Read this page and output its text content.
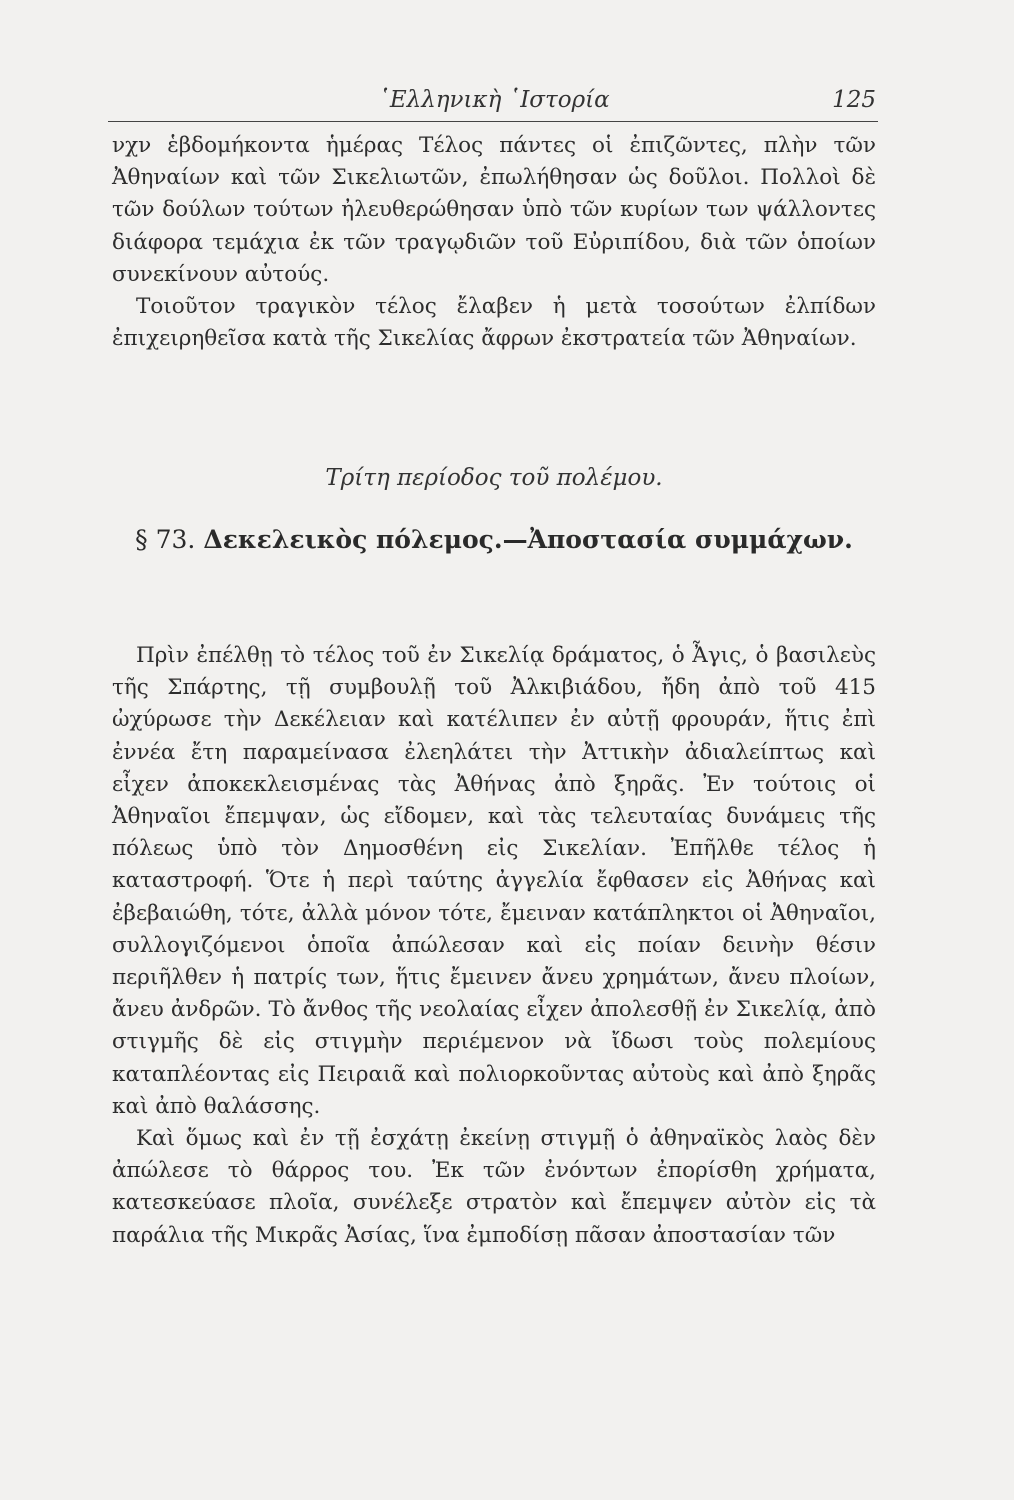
῾Ελληνικὴ ῾Ιστορία	125

νχν ἑβδομήκοντα ἡμέρας Τέλος πάντες οἱ ἐπιζῶντες, πλὴν τῶν Ἀθηναίων καὶ τῶν Σικελιωτῶν, ἐπωλήθησαν ὡς δοῦλοι. Πολλοὶ δὲ τῶν δούλων τούτων ἠλευθερώθησαν ὑπὸ τῶν κυρίων των ψάλλοντες διάφορα τεμάχια ἐκ τῶν τραγῳδιῶν τοῦ Εὐριπίδου, διὰ τῶν ὁποίων συνεκίνουν αὐτούς.

Τοιοῦτον τραγικὸν τέλος ἔλαβεν ἡ μετὰ τοσούτων ἐλπίδων ἐπιχειρηθεῖσα κατὰ τῆς Σικελίας ἄφρων ἐκστρατεία τῶν Ἀθηναίων.

Τρίτη περίοδος τοῦ πολέμου.
§ 73. Δεκελεικὸς πόλεμος.—Ἀποστασία συμμάχων.

Πρὶν ἐπέλθῃ τὸ τέλος τοῦ ἐν Σικελίᾳ δράματος, ὁ Ἆγις, ὁ βασιλεὺς τῆς Σπάρτης, τῇ συμβουλῇ τοῦ Ἀλκιβιάδου, ἤδη ἀπὸ τοῦ 415 ὠχύρωσε τὴν Δεκέλειαν καὶ κατέλιπεν ἐν αὐτῇ φρουράν, ἥτις ἐπὶ ἐννέα ἔτη παραμείνασα ἐλεηλάτει τὴν Ἀττικὴν ἀδιαλείπτως καὶ εἶχεν ἀποκεκλεισμένας τὰς Ἀθήνας ἀπὸ ξηρᾶς. Ἐν τούτοις οἱ Ἀθηναῖοι ἔπεμψαν, ὡς εἴδομεν, καὶ τὰς τελευταίας δυνάμεις τῆς πόλεως ὑπὸ τὸν Δημοσθένη εἰς Σικελίαν. Ἐπῆλθε τέλος ἡ καταστροφή. Ὅτε ἡ περὶ ταύτης ἀγγελία ἔφθασεν εἰς Ἀθήνας καὶ ἐβεβαιώθη, τότε, ἀλλὰ μόνον τότε, ἔμειναν κατάπληκτοι οἱ Ἀθηναῖοι, συλλογιζόμενοι ὁποῖα ἀπώλεσαν καὶ εἰς ποίαν δεινὴν θέσιν περιῆλθεν ἡ πατρίς των, ἥτις ἔμεινεν ἄνευ χρημάτων, ἄνευ πλοίων, ἄνευ ἀνδρῶν. Τὸ ἄνθος τῆς νεολαίας εἶχεν ἀπολεσθῇ ἐν Σικελίᾳ, ἀπὸ στιγμῆς δὲ εἰς στιγμὴν περιέμενον νὰ ἴδωσι τοὺς πολεμίους καταπλέοντας εἰς Πειραιᾶ καὶ πολιορκοῦντας αὐτοὺς καὶ ἀπὸ ξηρᾶς καὶ ἀπὸ θαλάσσης.

Καὶ ὅμως καὶ ἐν τῇ ἐσχάτῃ ἐκείνῃ στιγμῇ ὁ ἀθηναϊκὸς λαὸς δὲν ἀπώλεσε τὸ θάρρος του. Ἐκ τῶν ἐνόντων ἐπορίσθη χρήματα, κατεσκεύασε πλοῖα, συνέλεξε στρατὸν καὶ ἔπεμψεν αὐτὸν εἰς τὰ παράλια τῆς Μικρᾶς Ἀσίας, ἵνα ἐμποδίσῃ πᾶσαν ἀποστασίαν τῶν
